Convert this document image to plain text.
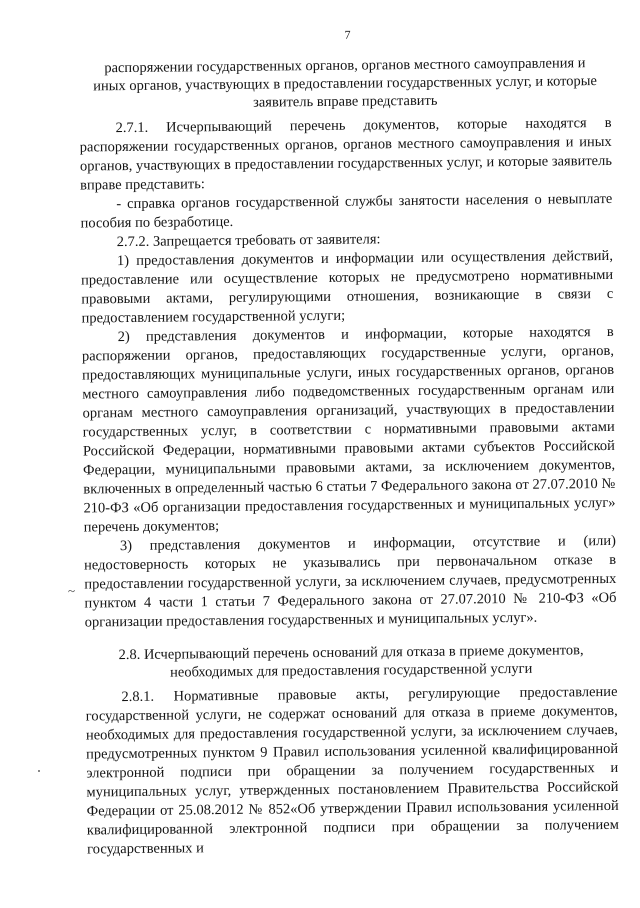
7
распоряжении государственных органов, органов местного самоуправления и иных органов, участвующих в предоставлении государственных услуг, и которые заявитель вправе представить

2.7.1. Исчерпывающий перечень документов, которые находятся в распоряжении государственных органов, органов местного самоуправления и иных органов, участвующих в предоставлении государственных услуг, и которые заявитель вправе представить:

- справка органов государственной службы занятости населения о невыплате пособия по безработице.

2.7.2. Запрещается требовать от заявителя:

1) предоставления документов и информации или осуществления действий, предоставление или осуществление которых не предусмотрено нормативными правовыми актами, регулирующими отношения, возникающие в связи с предоставлением государственной услуги;

2) представления документов и информации, которые находятся в распоряжении органов, предоставляющих государственные услуги, органов, предоставляющих муниципальные услуги, иных государственных органов, органов местного самоуправления либо подведомственных государственным органам или органам местного самоуправления организаций, участвующих в предоставлении государственных услуг, в соответствии с нормативными правовыми актами Российской Федерации, нормативными правовыми актами субъектов Российской Федерации, муниципальными правовыми актами, за исключением документов, включенных в определенный частью 6 статьи 7 Федерального закона от 27.07.2010 № 210-ФЗ «Об организации предоставления государственных и муниципальных услуг» перечень документов;

3) представления документов и информации, отсутствие и (или) недостоверность которых не указывались при первоначальном отказе в предоставлении государственной услуги, за исключением случаев, предусмотренных пунктом 4 части 1 статьи 7 Федерального закона от 27.07.2010 № 210-ФЗ «Об организации предоставления государственных и муниципальных услуг».

2.8. Исчерпывающий перечень оснований для отказа в приеме документов, необходимых для предоставления государственной услуги

2.8.1. Нормативные правовые акты, регулирующие предоставление государственной услуги, не содержат оснований для отказа в приеме документов, необходимых для предоставления государственной услуги, за исключением случаев, предусмотренных пунктом 9 Правил использования усиленной квалифицированной электронной подписи при обращении за получением государственных и муниципальных услуг, утвержденных постановлением Правительства Российской Федерации от 25.08.2012 № 852«Об утверждении Правил использования усиленной квалифицированной электронной подписи при обращении за получением государственных и

~
